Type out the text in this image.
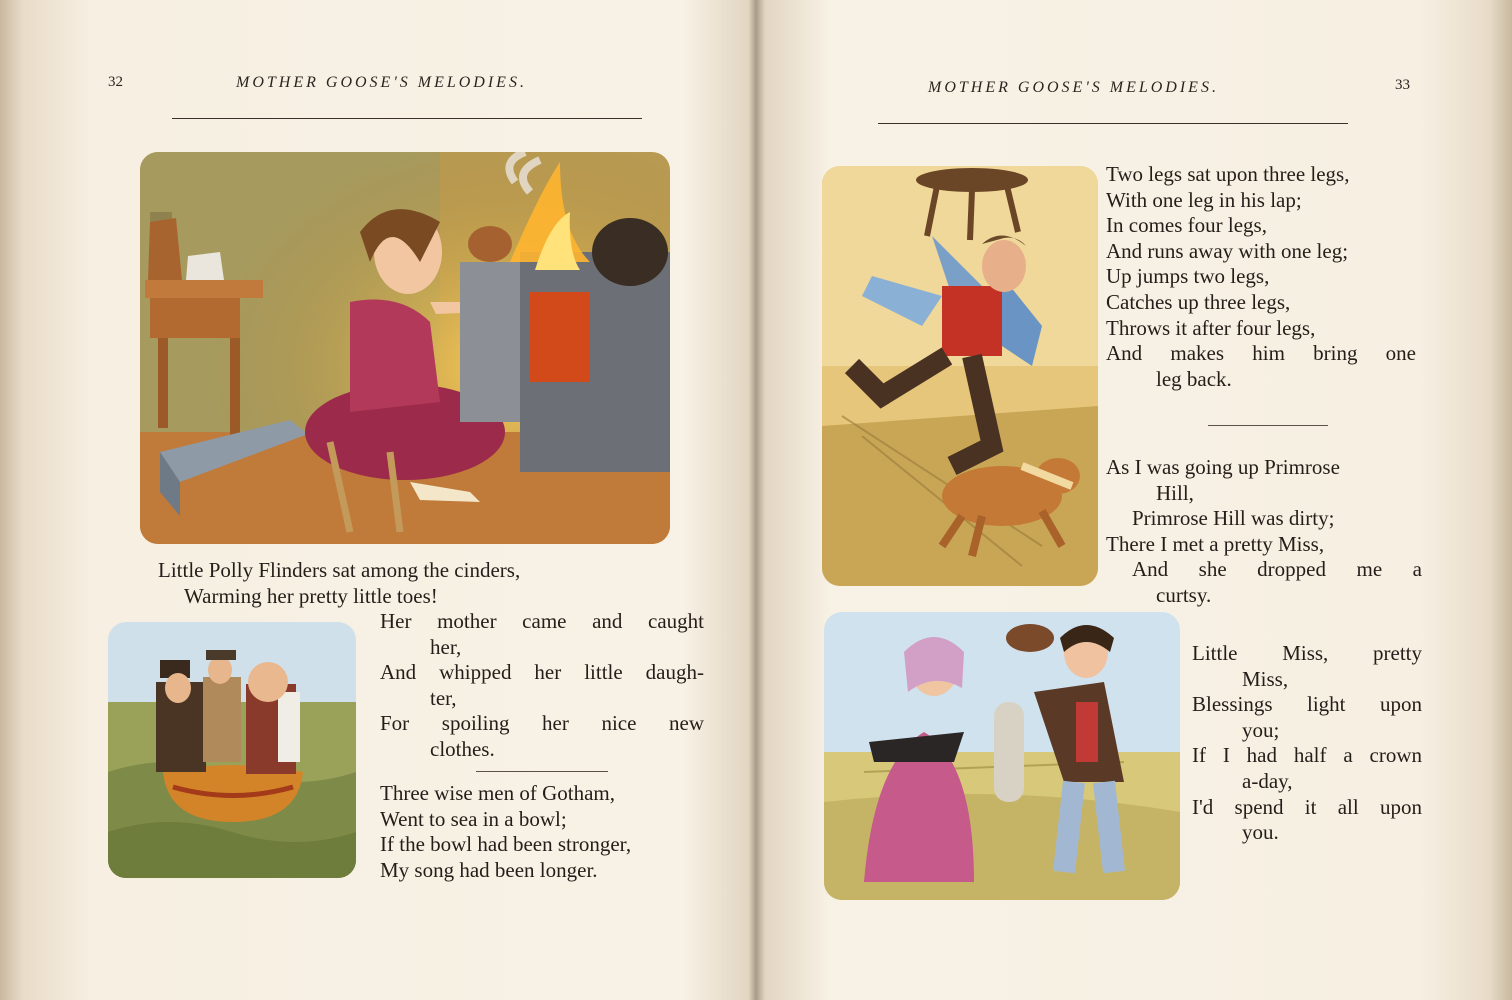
32	MOTHER GOOSE'S MELODIES.
Little Polly Flinders sat among the cinders,
Warming her pretty little toes!
Her mother came and caught
her,
And whipped her little daugh-
ter,
For spoiling her nice new
clothes.
Three wise men of Gotham,
Went to sea in a bowl;
If the bowl had been stronger,
My song had been longer.
MOTHER GOOSE'S MELODIES.	33
Two legs sat upon three legs,
With one leg in his lap;
In comes four legs,
And runs away with one leg;
Up jumps two legs,
Catches up three legs,
Throws it after four legs,
And makes him bring one
leg back.
As I was going up Primrose
Hill,
Primrose Hill was dirty;
There I met a pretty Miss,
And she dropped me a
curtsy.
Little Miss, pretty
Miss,
Blessings light upon
you;
If I had half a crown
a-day,
I'd spend it all upon
you.
